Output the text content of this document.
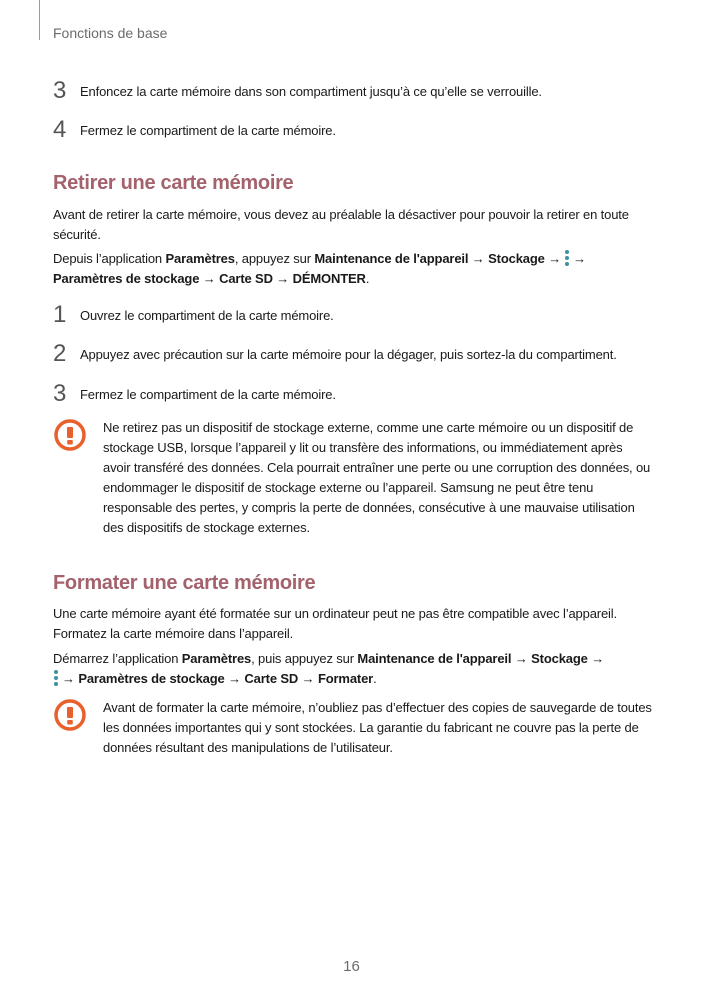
Fonctions de base
3	Enfoncez la carte mémoire dans son compartiment jusqu’à ce qu’elle se verrouille.
4	Fermez le compartiment de la carte mémoire.
Retirer une carte mémoire
Avant de retirer la carte mémoire, vous devez au préalable la désactiver pour pouvoir la retirer en toute sécurité.
Depuis l’application Paramètres, appuyez sur Maintenance de l'appareil → Stockage → →
Paramètres de stockage → Carte SD → DÉMONTER.
1	Ouvrez le compartiment de la carte mémoire.
2	Appuyez avec précaution sur la carte mémoire pour la dégager, puis sortez-la du compartiment.
3	Fermez le compartiment de la carte mémoire.
Ne retirez pas un dispositif de stockage externe, comme une carte mémoire ou un dispositif de stockage USB, lorsque l’appareil y lit ou transfère des informations, ou immédiatement après avoir transféré des données. Cela pourrait entraîner une perte ou une corruption des données, ou endommager le dispositif de stockage externe ou l’appareil. Samsung ne peut être tenu responsable des pertes, y compris la perte de données, consécutive à une mauvaise utilisation des dispositifs de stockage externes.
Formater une carte mémoire
Une carte mémoire ayant été formatée sur un ordinateur peut ne pas être compatible avec l’appareil. Formatez la carte mémoire dans l’appareil.
Démarrez l’application Paramètres, puis appuyez sur Maintenance de l'appareil → Stockage →

→ Paramètres de stockage → Carte SD → Formater.
Avant de formater la carte mémoire, n’oubliez pas d’effectuer des copies de sauvegarde de toutes les données importantes qui y sont stockées. La garantie du fabricant ne couvre pas la perte de données résultant des manipulations de l’utilisateur.
16
